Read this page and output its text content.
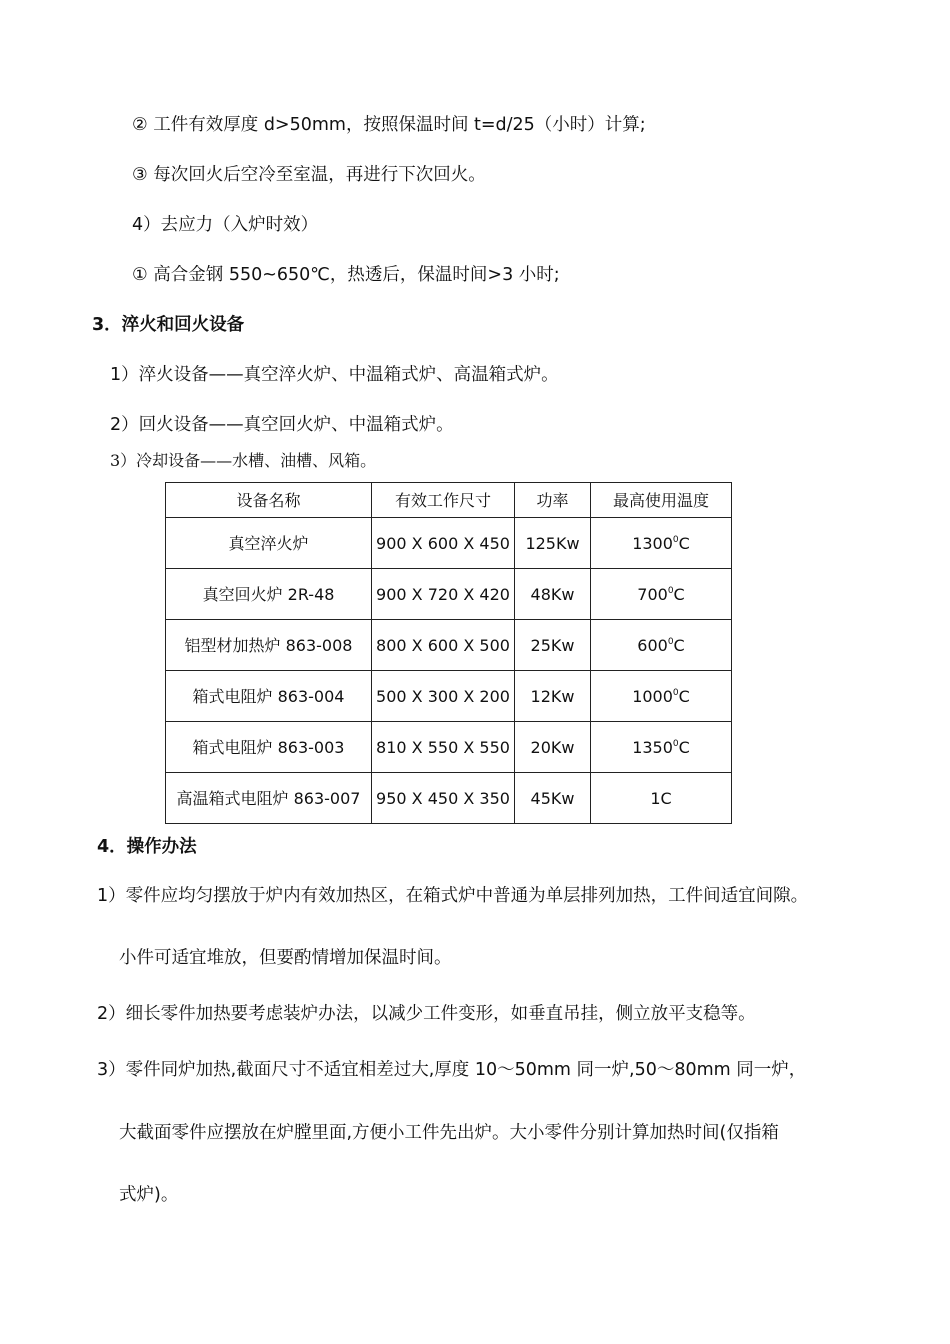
② 工件有效厚度 d>50mm，按照保温时间 t=d/25（小时）计算;

③ 每次回火后空冷至室温，再进行下次回火。

4）去应力（入炉时效）

① 高合金钢 550~650℃，热透后，保温时间>3 小时;

3．淬火和回火设备

1）淬火设备——真空淬火炉、中温箱式炉、高温箱式炉。

2）回火设备——真空回火炉、中温箱式炉。

3）冷却设备——水槽、油槽、风箱。

设备名称	有效工作尺寸	功率	最高使用温度
真空淬火炉	900 X 600 X 450	125Kw	1300$^0$C
真空回火炉 2R-48	900 X 720 X 420	48Kw	$700^0C$
铝型材加热炉 863-008	800 X 600 X 500	25Kw	$600^0C$
箱式电阻炉 863-004	500 X 300 X 200	12Kw	1000$^0$C
箱式电阻炉 863-003	810 X 550 X 550	20Kw	1350$^0$C
高温箱式电阻炉 863-007	950 X 450 X 350	45Kw	1C

4．操作办法

1）零件应均匀摆放于炉内有效加热区，在箱式炉中普通为单层排列加热，工件间适宜间隙。

小件可适宜堆放，但要酌情增加保温时间。

2）细长零件加热要考虑装炉办法，以减少工件变形，如垂直吊挂，侧立放平支稳等。

3）零件同炉加热,截面尺寸不适宜相差过大,厚度 10～50mm 同一炉,50～80mm 同一炉，

大截面零件应摆放在炉膛里面,方便小工件先出炉。大小零件分别计算加热时间(仅指箱

式炉)。
